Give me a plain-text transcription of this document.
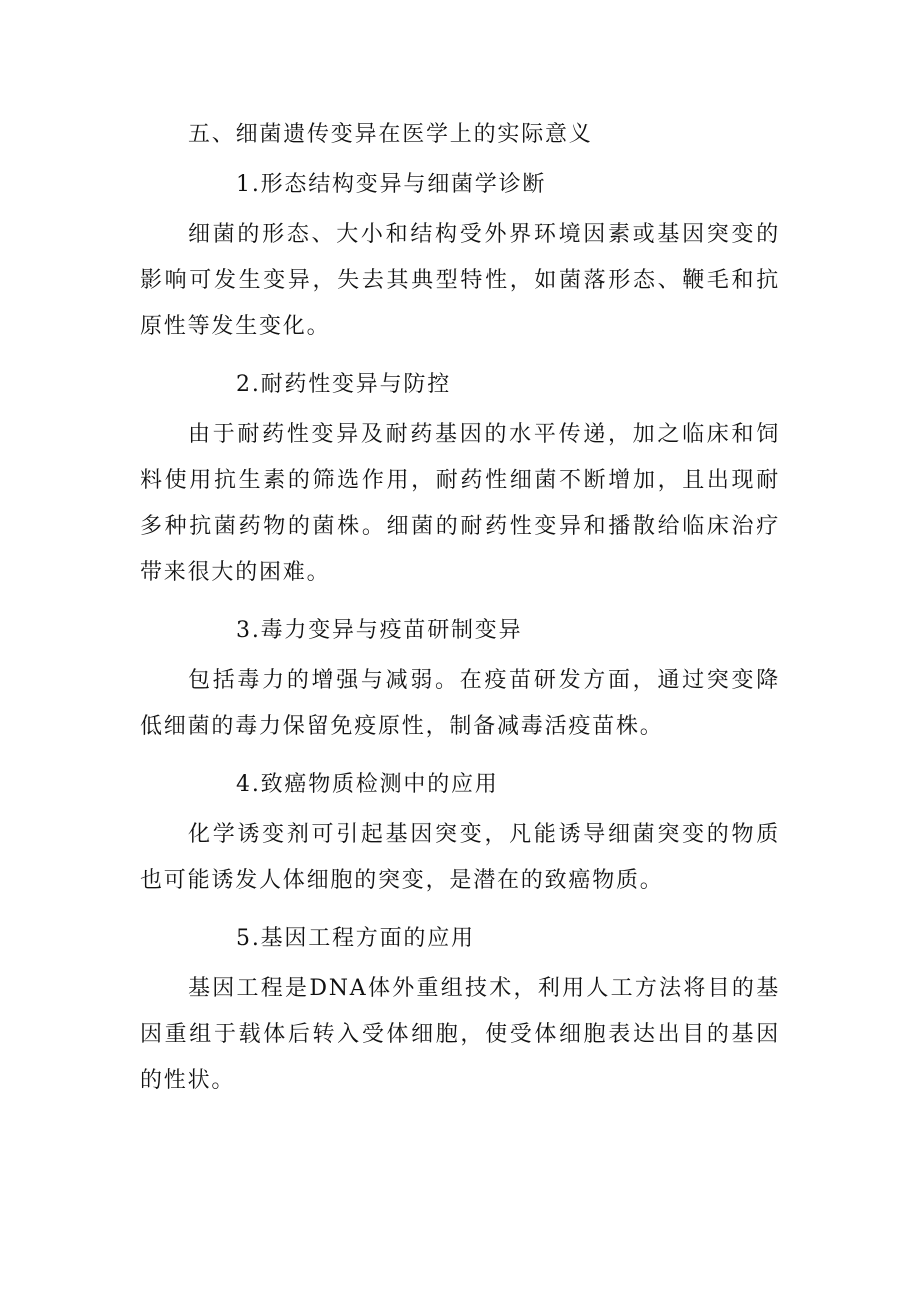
五、细菌遗传变异在医学上的实际意义

1.形态结构变异与细菌学诊断

细菌的形态、大小和结构受外界环境因素或基因突变的影响可发生变异，失去其典型特性，如菌落形态、鞭毛和抗原性等发生变化。

2.耐药性变异与防控

由于耐药性变异及耐药基因的水平传递，加之临床和饲料使用抗生素的筛选作用，耐药性细菌不断增加，且出现耐多种抗菌药物的菌株。细菌的耐药性变异和播散给临床治疗带来很大的困难。

3.毒力变异与疫苗研制变异

包括毒力的增强与减弱。在疫苗研发方面，通过突变降低细菌的毒力保留免疫原性，制备减毒活疫苗株。

4.致癌物质检测中的应用

化学诱变剂可引起基因突变，凡能诱导细菌突变的物质也可能诱发人体细胞的突变，是潜在的致癌物质。

5.基因工程方面的应用

基因工程是DNA体外重组技术，利用人工方法将目的基因重组于载体后转入受体细胞，使受体细胞表达出目的基因的性状。
